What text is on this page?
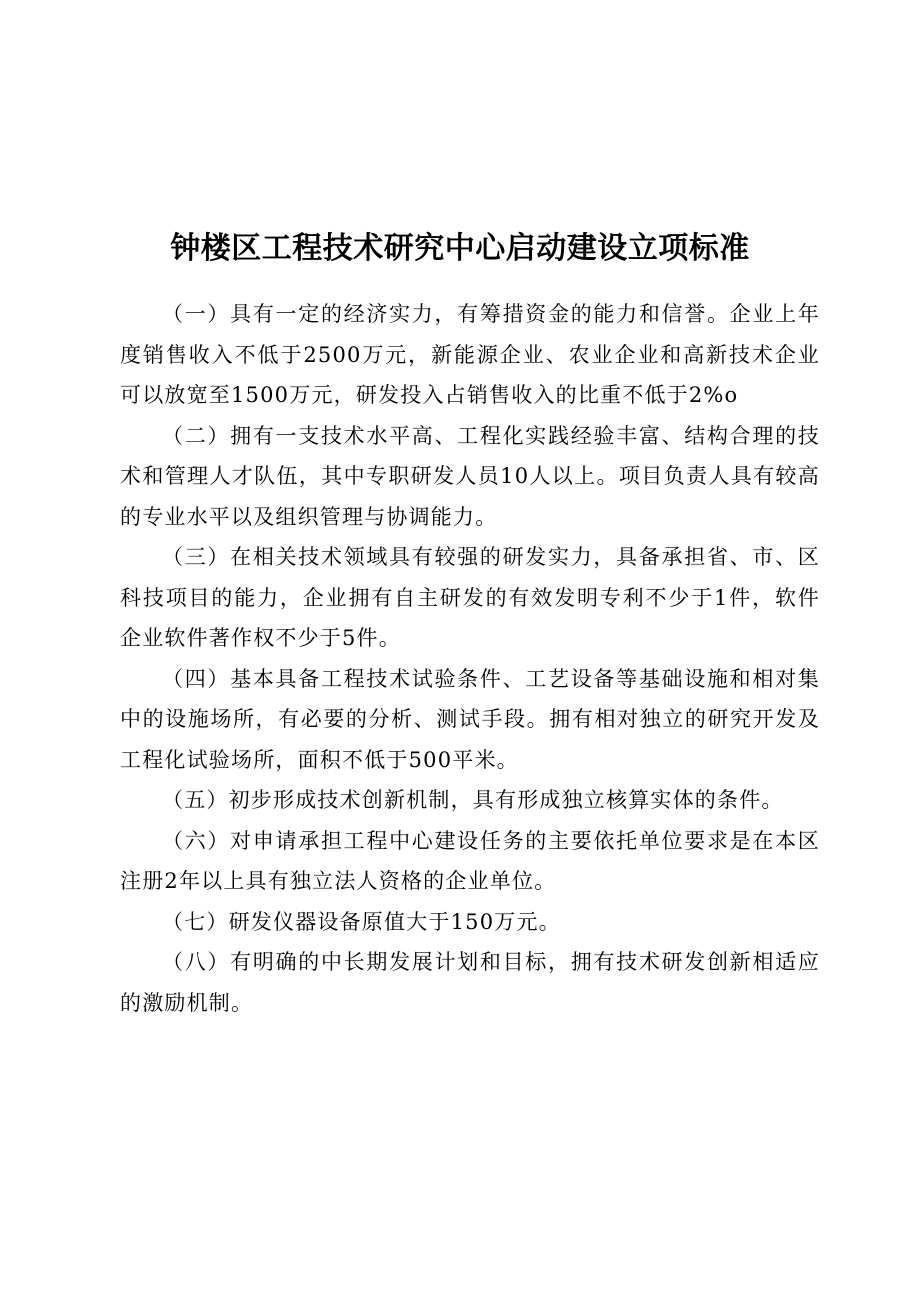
钟楼区工程技术研究中心启动建设立项标准

（一）具有一定的经济实力，有筹措资金的能力和信誉。企业上年度销售收入不低于2500万元，新能源企业、农业企业和高新技术企业可以放宽至1500万元，研发投入占销售收入的比重不低于2%o

（二）拥有一支技术水平高、工程化实践经验丰富、结构合理的技术和管理人才队伍，其中专职研发人员10人以上。项目负责人具有较高的专业水平以及组织管理与协调能力。

（三）在相关技术领域具有较强的研发实力，具备承担省、市、区科技项目的能力，企业拥有自主研发的有效发明专利不少于1件，软件企业软件著作权不少于5件。

（四）基本具备工程技术试验条件、工艺设备等基础设施和相对集中的设施场所，有必要的分析、测试手段。拥有相对独立的研究开发及工程化试验场所，面积不低于500平米。

（五）初步形成技术创新机制，具有形成独立核算实体的条件。

（六）对申请承担工程中心建设任务的主要依托单位要求是在本区注册2年以上具有独立法人资格的企业单位。

（七）研发仪器设备原值大于150万元。

（八）有明确的中长期发展计划和目标，拥有技术研发创新相适应的激励机制。
